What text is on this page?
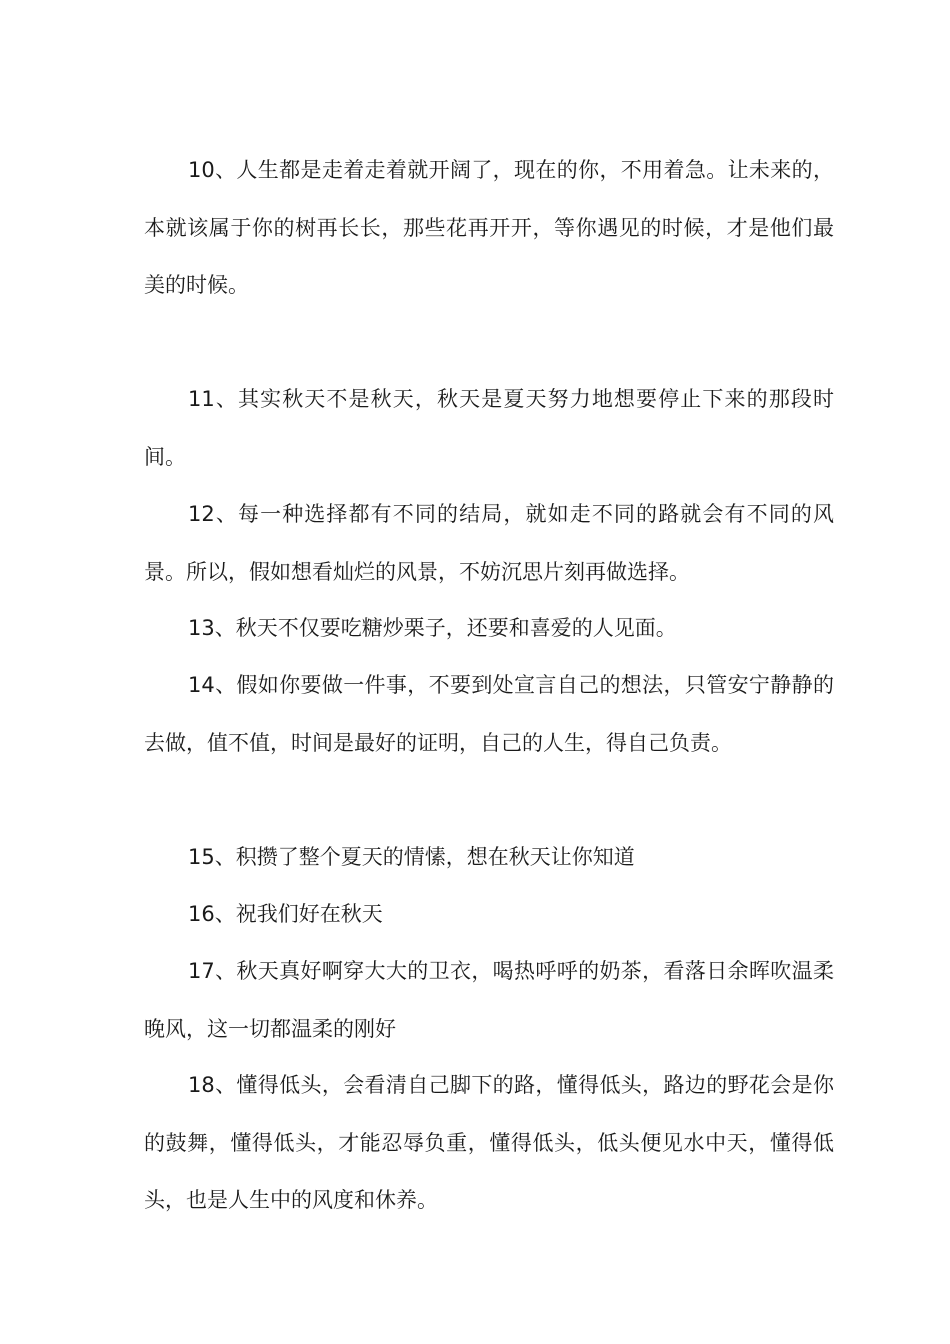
10、人生都是走着走着就开阔了，现在的你，不用着急。让未来的，本就该属于你的树再长长，那些花再开开，等你遇见的时候，才是他们最美的时候。

11、其实秋天不是秋天，秋天是夏天努力地想要停止下来的那段时间。

12、每一种选择都有不同的结局，就如走不同的路就会有不同的风景。所以，假如想看灿烂的风景，不妨沉思片刻再做选择。

13、秋天不仅要吃糖炒栗子，还要和喜爱的人见面。

14、假如你要做一件事，不要到处宣言自己的想法，只管安宁静静的去做，值不值，时间是最好的证明，自己的人生，得自己负责。

15、积攒了整个夏天的情愫，想在秋天让你知道

16、祝我们好在秋天

17、秋天真好啊穿大大的卫衣，喝热呼呼的奶茶，看落日余晖吹温柔晚风，这一切都温柔的刚好

18、懂得低头，会看清自己脚下的路，懂得低头，路边的野花会是你的鼓舞，懂得低头，才能忍辱负重，懂得低头，低头便见水中天，懂得低头，也是人生中的风度和休养。
